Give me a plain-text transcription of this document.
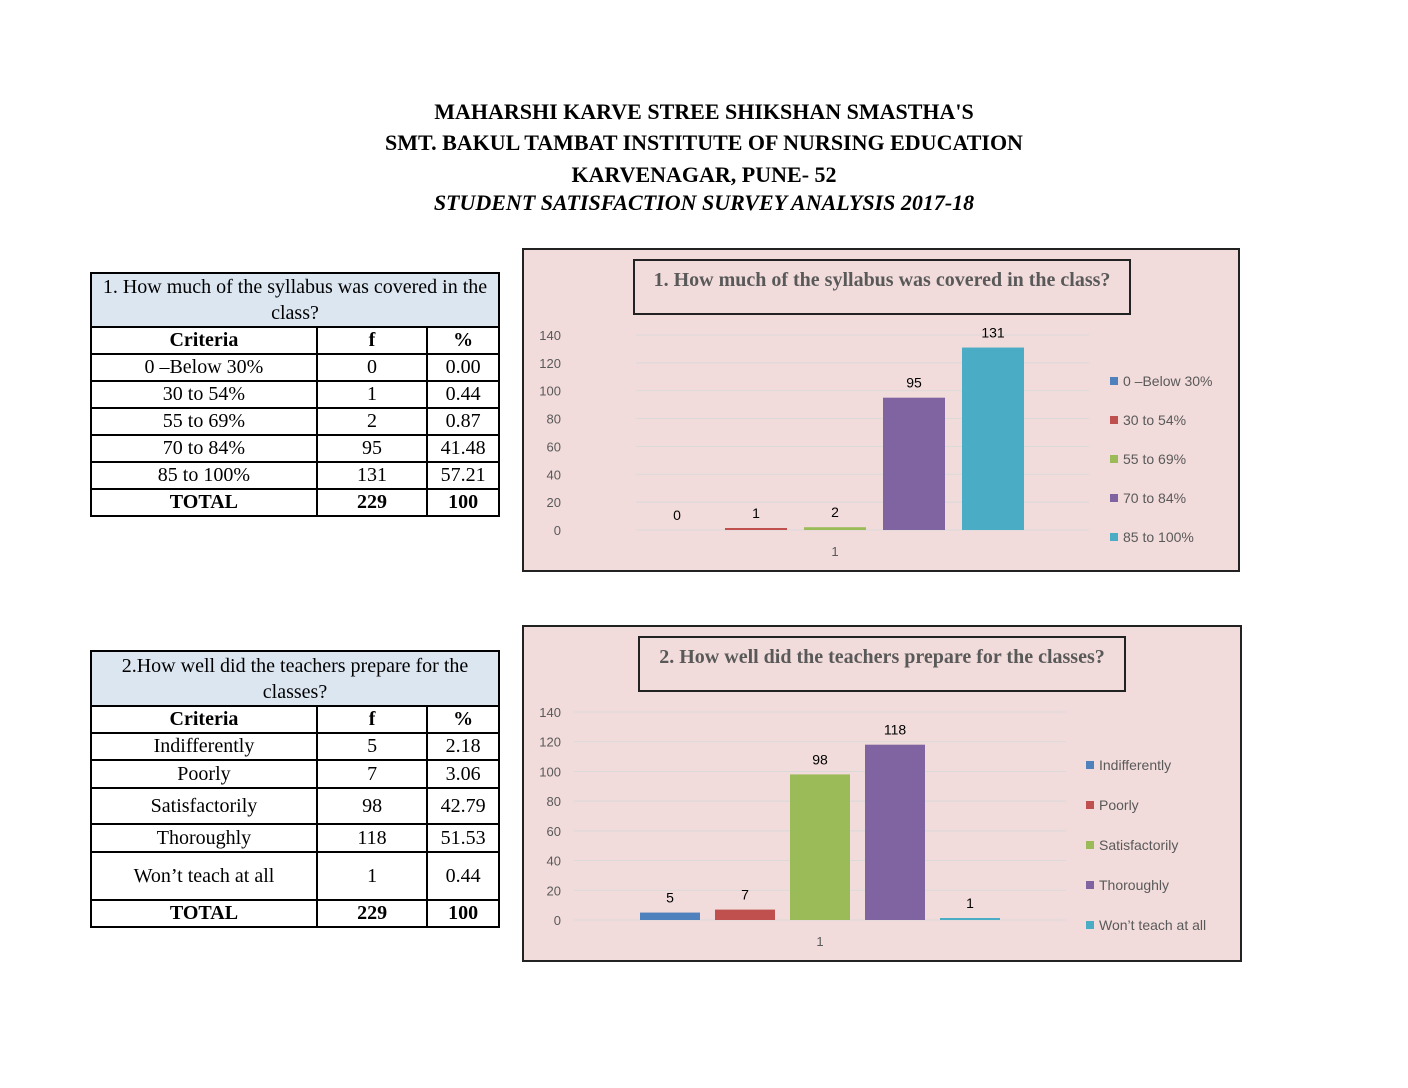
MAHARSHI KARVE STREE SHIKSHAN SMASTHA'S
SMT. BAKUL TAMBAT INSTITUTE OF NURSING EDUCATION
KARVENAGAR, PUNE- 52
STUDENT SATISFACTION SURVEY ANALYSIS 2017-18
1. How much of the syllabus was covered in the class?		
Criteria	f	%
0 –Below 30%	0	0.00
30 to 54%	1	0.44
55 to 69%	2	0.87
70 to 84%	95	41.48
85 to 100%	131	57.21
TOTAL	229	100
2.How well did the teachers prepare for the classes?		
Criteria	f	%
Indifferently	5	2.18
Poorly	7	3.06
Satisfactorily	98	42.79
Thoroughly	118	51.53
Won’t teach at all	1	0.44
TOTAL	229	100
1. How much of the syllabus was covered in the class?
0
20
40
60
80
100
120
140
0	1	2
95
131
1
0 –Below 30%
30 to 54%
55 to 69%
70 to 84%
85 to 100%
2. How well did the teachers prepare for the classes?
0
20
40
60
80
100
120
140
5	7
98
118
1
1
Indifferently
Poorly
Satisfactorily
Thoroughly
Won’t teach at all
